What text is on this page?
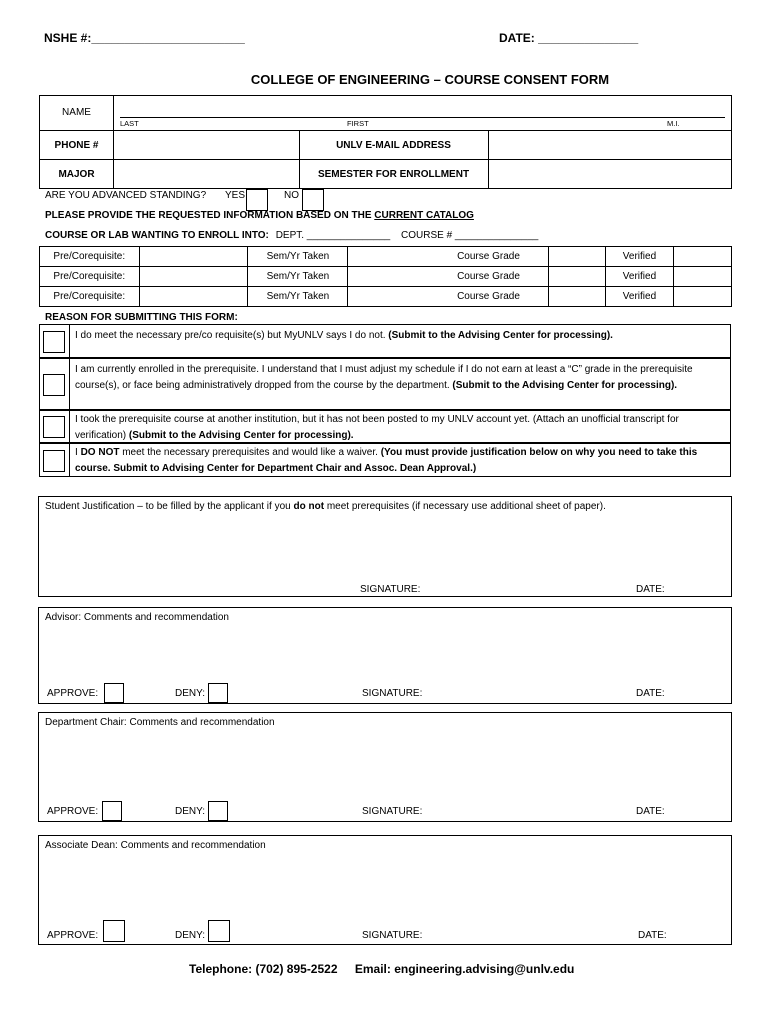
NSHE #:_______________________	DATE: _______________
COLLEGE OF ENGINEERING – COURSE CONSENT FORM
NAME
LAST	FIRST	M.I.
PHONE #	UNLV E-MAIL ADDRESS
MAJOR	SEMESTER FOR ENROLLMENT
ARE YOU ADVANCED STANDING? YES	NO
PLEASE PROVIDE THE REQUESTED INFORMATION BASED ON THE CURRENT CATALOG
COURSE OR LAB WANTING TO ENROLL INTO: DEPT. _______________ COURSE # _______________
Pre/Corequisite:		Sem/Yr Taken	Course Grade		Verified	
Pre/Corequisite:		Sem/Yr Taken	Course Grade		Verified	
Pre/Corequisite:		Sem/Yr Taken	Course Grade		Verified	
REASON FOR SUBMITTING THIS FORM:
I do meet the necessary pre/co requisite(s) but MyUNLV says I do not. (Submit to the Advising Center for processing).
I am currently enrolled in the prerequisite. I understand that I must adjust my schedule if I do not earn at least a “C” grade in the prerequisite course(s), or face being administratively dropped from the course by the department. (Submit to the Advising Center for processing).
I took the prerequisite course at another institution, but it has not been posted to my UNLV account yet. (Attach an unofficial transcript for verification) (Submit to the Advising Center for processing).
I DO NOT meet the necessary prerequisites and would like a waiver. (You must provide justification below on why you need to take this course. Submit to Advising Center for Department Chair and Assoc. Dean Approval.)
Student Justification – to be filled by the applicant if you do not meet prerequisites (if necessary use additional sheet of paper).
SIGNATURE:	DATE:
Advisor: Comments and recommendation
APPROVE:	DENY:	SIGNATURE:	DATE:
Department Chair: Comments and recommendation
APPROVE:	DENY:	SIGNATURE:	DATE:
Associate Dean: Comments and recommendation
APPROVE:	DENY:	SIGNATURE:	DATE:
Telephone: (702) 895-2522 Email: engineering.advising@unlv.edu
